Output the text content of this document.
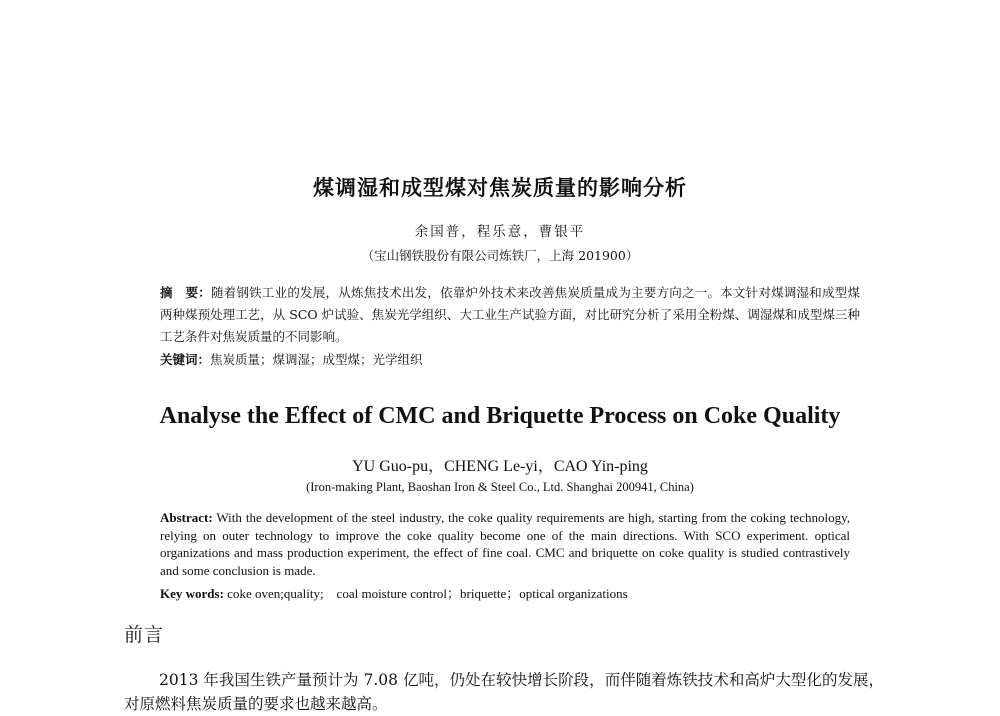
煤调湿和成型煤对焦炭质量的影响分析
余国普，程乐意，曹银平
（宝山钢铁股份有限公司炼铁厂，上海 201900）
摘　要：随着钢铁工业的发展，从炼焦技术出发，依靠炉外技术来改善焦炭质量成为主要方向之一。本文针对煤调湿和成型煤两种煤预处理工艺，从 SCO 炉试验、焦炭光学组织、大工业生产试验方面，对比研究分析了采用全粉煤、调湿煤和成型煤三种工艺条件对焦炭质量的不同影响。
关键词：焦炭质量；煤调湿；成型煤；光学组织
Analyse the Effect of CMC and Briquette Process on Coke Quality
YU Guo-pu，CHENG Le-yi，CAO Yin-ping
(Iron-making Plant, Baoshan Iron & Steel Co., Ltd. Shanghai 200941, China)
Abstract: With the development of the steel industry, the coke quality requirements are high, starting from the coking technology, relying on outer technology to improve the coke quality become one of the main directions. With SCO experiment. optical organizations and mass production experiment, the effect of fine coal. CMC and briquette on coke quality is studied contrastively and some conclusion is made.
Key words: coke oven;quality;　coal moisture control；briquette；optical organizations
前言
2013 年我国生铁产量预计为 7.08 亿吨，仍处在较快增长阶段，而伴随着炼铁技术和高炉大型化的发展，对原燃料焦炭质量的要求也越来越高。
